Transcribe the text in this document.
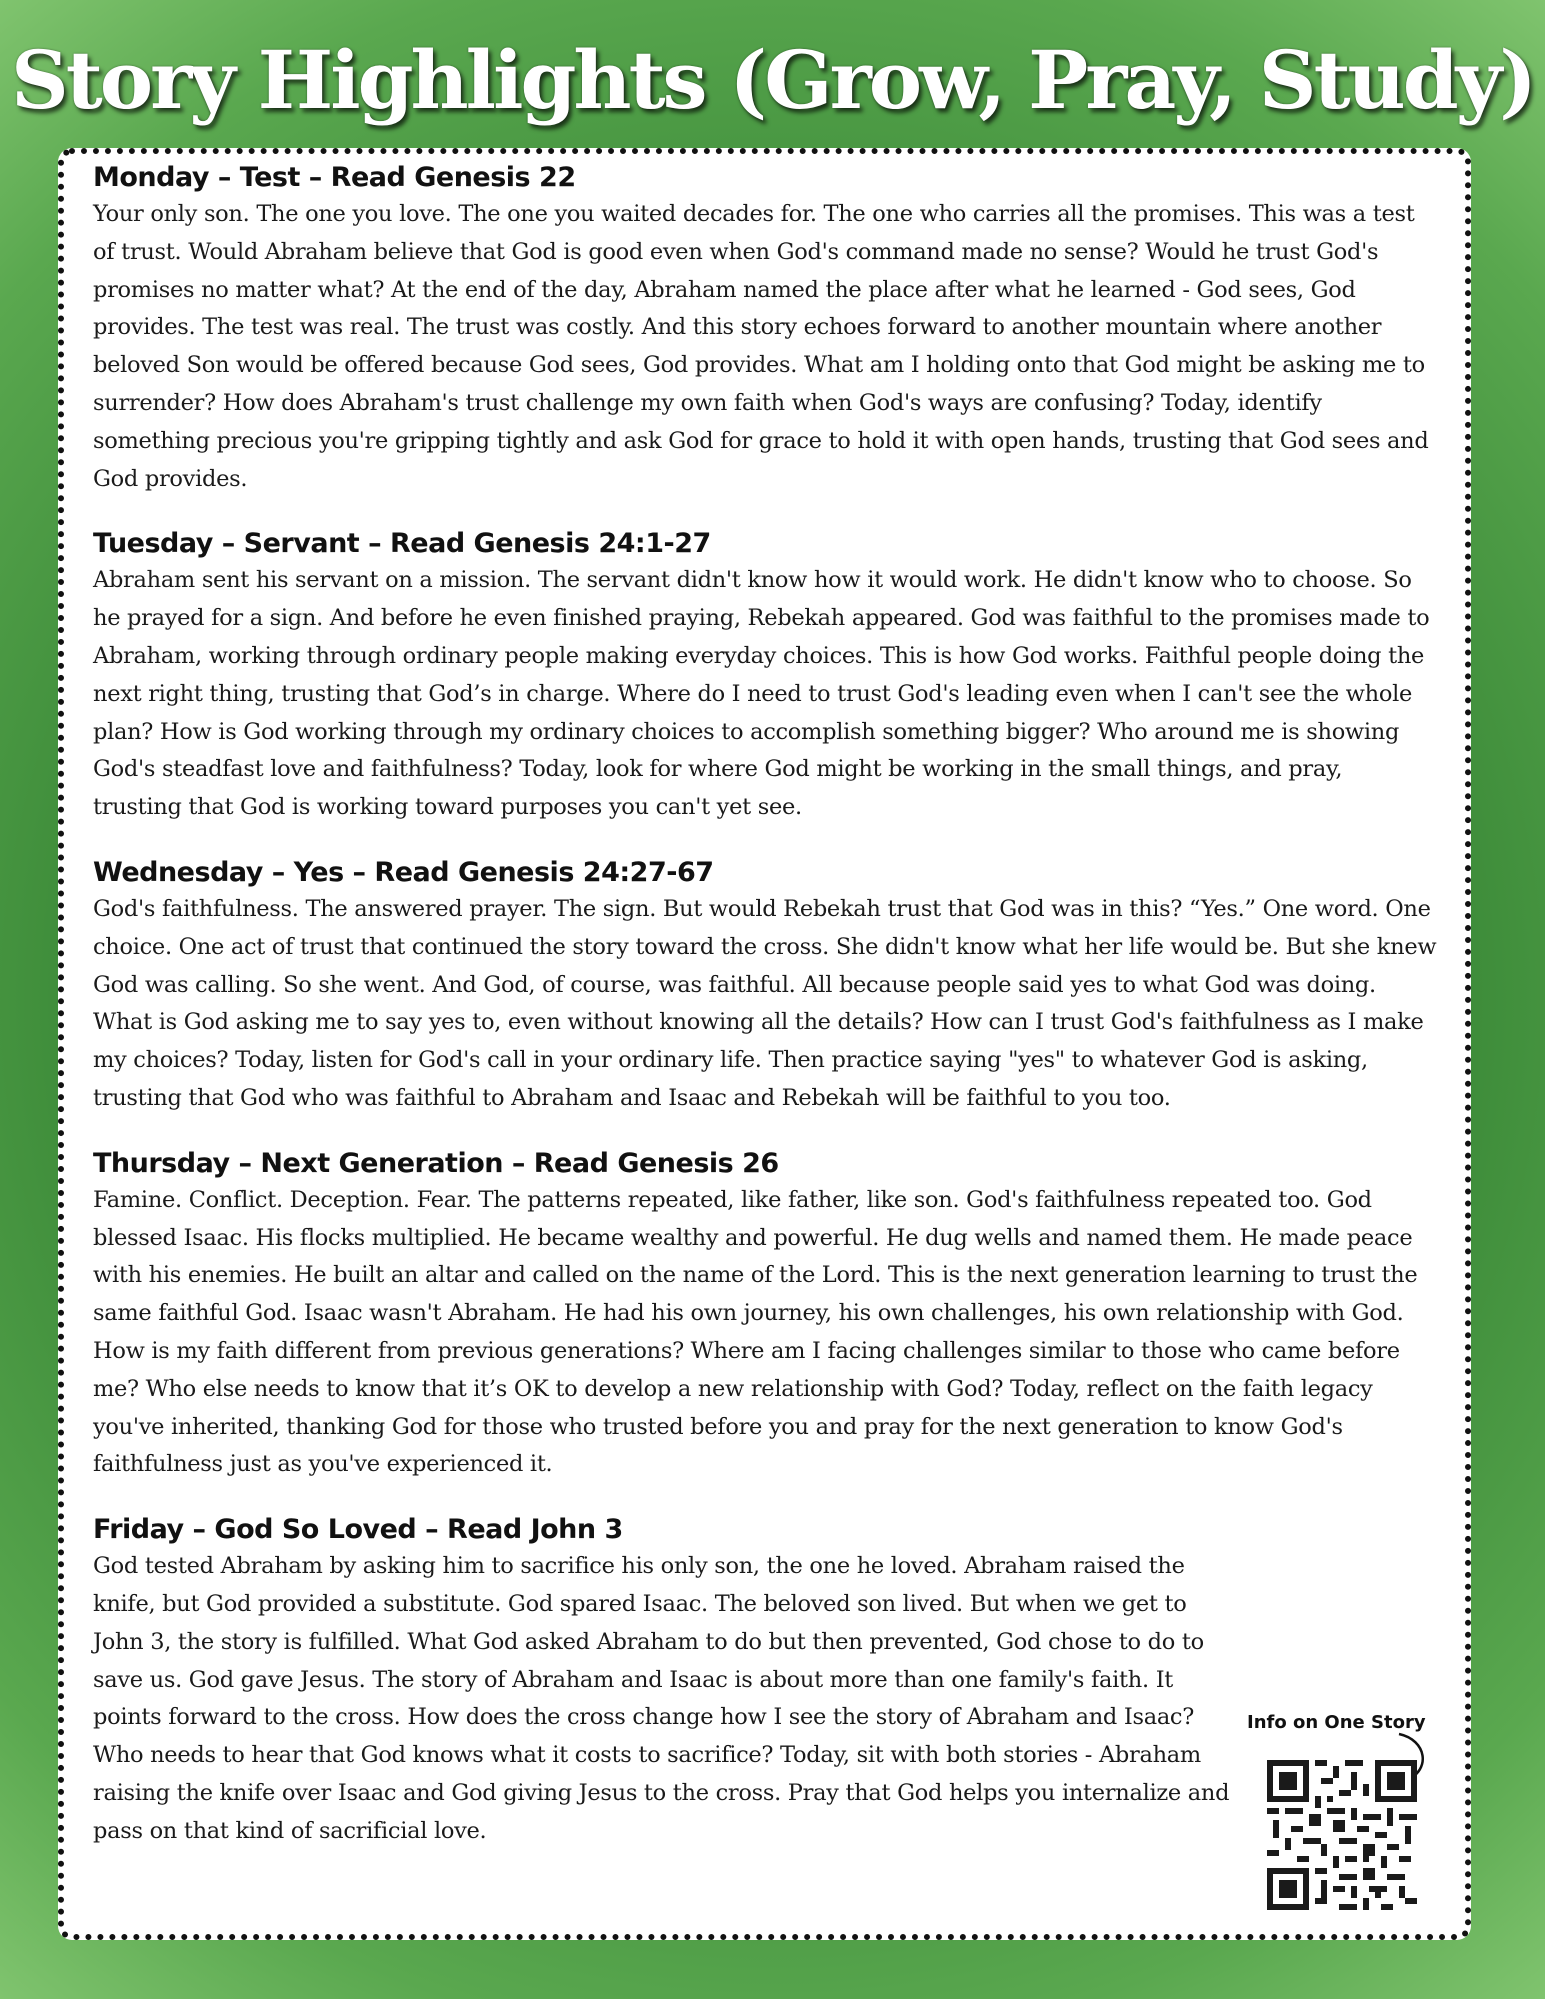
Story Highlights (Grow, Pray, Study)
Monday – Test – Read Genesis 22

Your only son. The one you love. The one you waited decades for. The one who carries all the promises. This was a test of trust. Would Abraham believe that God is good even when God's command made no sense? Would he trust God's promises no matter what? At the end of the day, Abraham named the place after what he learned - God sees, God provides. The test was real. The trust was costly. And this story echoes forward to another mountain where another beloved Son would be offered because God sees, God provides. What am I holding onto that God might be asking me to surrender? How does Abraham's trust challenge my own faith when God's ways are confusing? Today, identify something precious you're gripping tightly and ask God for grace to hold it with open hands, trusting that God sees and God provides.

Tuesday – Servant – Read Genesis 24:1-27

Abraham sent his servant on a mission. The servant didn't know how it would work. He didn't know who to choose. So he prayed for a sign. And before he even finished praying, Rebekah appeared. God was faithful to the promises made to Abraham, working through ordinary people making everyday choices. This is how God works. Faithful people doing the next right thing, trusting that God’s in charge. Where do I need to trust God's leading even when I can't see the whole plan? How is God working through my ordinary choices to accomplish something bigger? Who around me is showing God's steadfast love and faithfulness? Today, look for where God might be working in the small things, and pray, trusting that God is working toward purposes you can't yet see.

Wednesday – Yes – Read Genesis 24:27-67

God's faithfulness. The answered prayer. The sign. But would Rebekah trust that God was in this? “Yes.” One word. One choice. One act of trust that continued the story toward the cross. She didn't know what her life would be. But she knew God was calling. So she went. And God, of course, was faithful. All because people said yes to what God was doing. What is God asking me to say yes to, even without knowing all the details? How can I trust God's faithfulness as I make my choices? Today, listen for God's call in your ordinary life. Then practice saying "yes" to whatever God is asking, trusting that God who was faithful to Abraham and Isaac and Rebekah will be faithful to you too.

Thursday – Next Generation – Read Genesis 26

Famine. Conflict. Deception. Fear. The patterns repeated, like father, like son. God's faithfulness repeated too. God blessed Isaac. His flocks multiplied. He became wealthy and powerful. He dug wells and named them. He made peace with his enemies. He built an altar and called on the name of the Lord. This is the next generation learning to trust the same faithful God. Isaac wasn't Abraham. He had his own journey, his own challenges, his own relationship with God. How is my faith different from previous generations? Where am I facing challenges similar to those who came before me? Who else needs to know that it’s OK to develop a new relationship with God? Today, reflect on the faith legacy you've inherited, thanking God for those who trusted before you and pray for the next generation to know God's faithfulness just as you've experienced it.

Friday – God So Loved – Read John 3

God tested Abraham by asking him to sacrifice his only son, the one he loved. Abraham raised the knife, but God provided a substitute. God spared Isaac. The beloved son lived. But when we get to John 3, the story is fulfilled. What God asked Abraham to do but then prevented, God chose to do to save us. God gave Jesus. The story of Abraham and Isaac is about more than one family's faith. It points forward to the cross. How does the cross change how I see the story of Abraham and Isaac? Who needs to hear that God knows what it costs to sacrifice? Today, sit with both stories - Abraham raising the knife over Isaac and God giving Jesus to the cross. Pray that God helps you internalize and pass on that kind of sacrificial love.

Info on One Story
